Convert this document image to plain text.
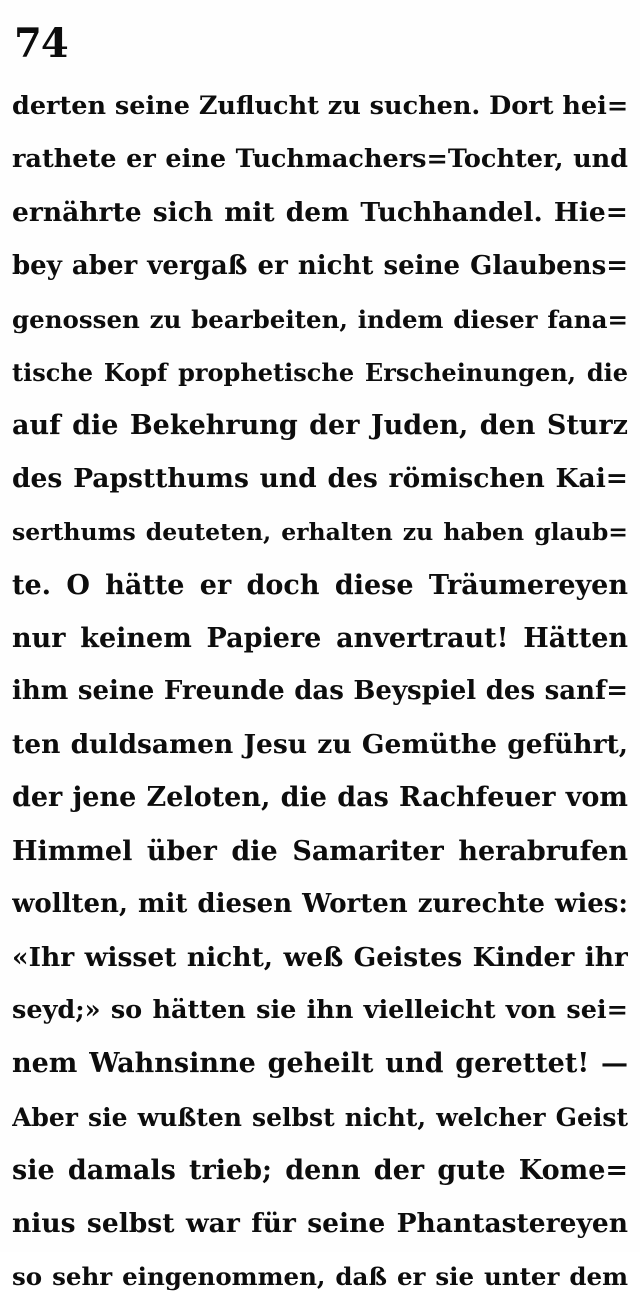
74
derten seine Zuflucht zu suchen. Dort hei=
rathete er eine Tuchmachers=Tochter, und
ernährte sich mit dem Tuchhandel. Hie=
bey aber vergaß er nicht seine Glaubens=
genossen zu bearbeiten, indem dieser fana=
tische Kopf prophetische Erscheinungen, die
auf die Bekehrung der Juden, den Sturz
des Papstthums und des römischen Kai=
serthums deuteten, erhalten zu haben glaub=
te. O hätte er doch diese Träumereyen
nur keinem Papiere anvertraut! Hätten
ihm seine Freunde das Beyspiel des sanf=
ten duldsamen Jesu zu Gemüthe geführt,
der jene Zeloten, die das Rachfeuer vom
Himmel über die Samariter herabrufen
wollten, mit diesen Worten zurechte wies:
«Ihr wisset nicht, weß Geistes Kinder ihr
seyd;» so hätten sie ihn vielleicht von sei=
nem Wahnsinne geheilt und gerettet! —
Aber sie wußten selbst nicht, welcher Geist
sie damals trieb; denn der gute Kome=
nius selbst war für seine Phantastereyen
so sehr eingenommen, daß er sie unter dem
